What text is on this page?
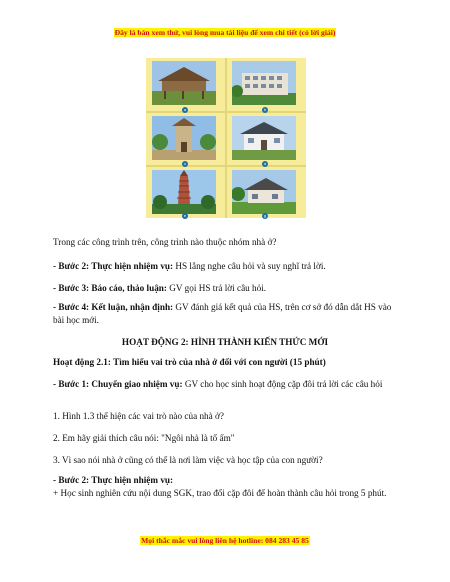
Đây là bản xem thử, vui lòng mua tài liệu để xem chi tiết (có lời giải)
a	b
c	d
e	g
Trong các công trình trên, công trình nào thuộc nhóm nhà ở?
- Bước 2: Thực hiện nhiệm vụ: HS lắng nghe câu hỏi và suy nghĩ trả lời.
- Bước 3: Báo cáo, thảo luận: GV gọi HS trả lời câu hỏi.
- Bước 4: Kết luận, nhận định: GV đánh giá kết quả của HS, trên cơ sở đó dẫn dắt HS vào bài học mới.
HOẠT ĐỘNG 2: HÌNH THÀNH KIẾN THỨC MỚI
Hoạt động 2.1: Tìm hiểu vai trò của nhà ở đối với con người (15 phút)
- Bước 1: Chuyển giao nhiệm vụ: GV cho học sinh hoạt động cặp đôi trả lời các câu hỏi
1. Hình 1.3 thể hiện các vai trò nào của nhà ở?
2. Em hãy giải thích câu nói: "Ngôi nhà là tổ ấm"
3. Vì sao nói nhà ở cũng có thể là nơi làm việc và học tập của con người?
- Bước 2: Thực hiện nhiệm vụ:
+ Học sinh nghiên cứu nội dung SGK, trao đổi cặp đôi để hoàn thành câu hỏi trong 5 phút.
Mọi thắc mắc vui lòng liên hệ hotline: 084 283 45 85
